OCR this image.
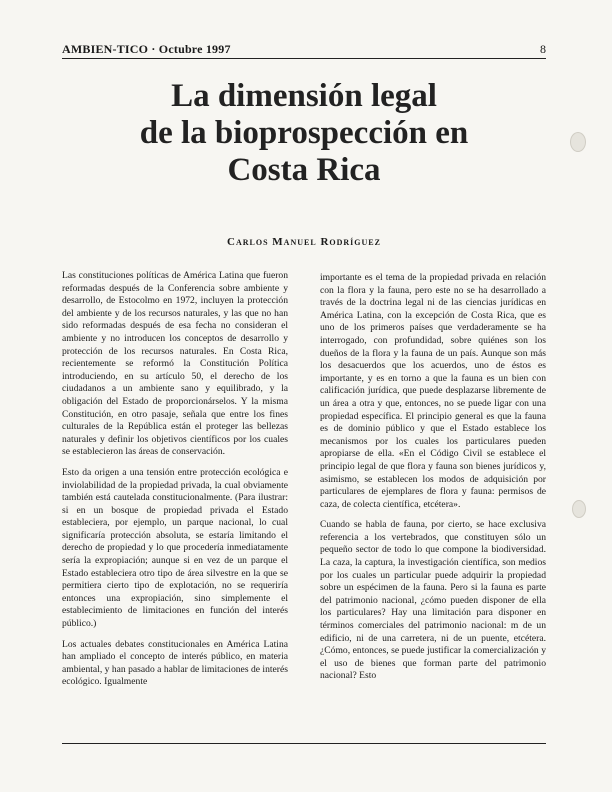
AMBIEN-TICO · Octubre 1997	8
La dimensión legal
de la bioprospección en
Costa Rica
Carlos Manuel Rodríguez

Las constituciones políticas de América Latina que fueron reformadas después de la Conferencia sobre ambiente y desarrollo, de Estocolmo en 1972, incluyen la protección del ambiente y de los recursos naturales, y las que no han sido reformadas después de esa fecha no consideran el ambiente y no introducen los conceptos de desarrollo y protección de los recursos naturales. En Costa Rica, recientemente se reformó la Constitución Política introduciendo, en su artículo 50, el derecho de los ciudadanos a un ambiente sano y equilibrado, y la obligación del Estado de proporcionárselos. Y la misma Constitución, en otro pasaje, señala que entre los fines culturales de la República están el proteger las bellezas naturales y definir los objetivos científicos por los cuales se establecieron las áreas de conservación.

Esto da origen a una tensión entre protección ecológica e inviolabilidad de la propiedad privada, la cual obviamente también está cautelada constitucionalmente. (Para ilustrar: si en un bosque de propiedad privada el Estado estableciera, por ejemplo, un parque nacional, lo cual significaría protección absoluta, se estaría limitando el derecho de propiedad y lo que procedería inmediatamente sería la expropiación; aunque si en vez de un parque el Estado estableciera otro tipo de área silvestre en la que se permitiera cierto tipo de explotación, no se requeriría entonces una expropiación, sino simplemente el establecimiento de limitaciones en función del interés público.)

Los actuales debates constitucionales en América Latina han ampliado el concepto de interés público, en materia ambiental, y han pasado a hablar de limitaciones de interés ecológico. Igualmente

importante es el tema de la propiedad privada en relación con la flora y la fauna, pero este no se ha desarrollado a través de la doctrina legal ni de las ciencias jurídicas en América Latina, con la excepción de Costa Rica, que es uno de los primeros países que verdaderamente se ha interrogado, con profundidad, sobre quiénes son los dueños de la flora y la fauna de un país. Aunque son más los desacuerdos que los acuerdos, uno de éstos es importante, y es en torno a que la fauna es un bien con calificación jurídica, que puede desplazarse libremente de un área a otra y que, entonces, no se puede ligar con una propiedad específica. El principio general es que la fauna es de dominio público y que el Estado establece los mecanismos por los cuales los particulares pueden apropiarse de ella. «En el Código Civil se establece el principio legal de que flora y fauna son bienes jurídicos y, asimismo, se establecen los modos de adquisición por particulares de ejemplares de flora y fauna: permisos de caza, de colecta científica, etcétera».

Cuando se habla de fauna, por cierto, se hace exclusiva referencia a los vertebrados, que constituyen sólo un pequeño sector de todo lo que compone la biodiversidad. La caza, la captura, la investigación científica, son medios por los cuales un particular puede adquirir la propiedad sobre un espécimen de la fauna. Pero si la fauna es parte del patrimonio nacional, ¿cómo pueden disponer de ella los particulares? Hay una limitación para disponer en términos comerciales del patrimonio nacional: m de un edificio, ni de una carretera, ni de un puente, etcétera. ¿Cómo, entonces, se puede justificar la comercialización y el uso de bienes que forman parte del patrimonio nacional? Esto
